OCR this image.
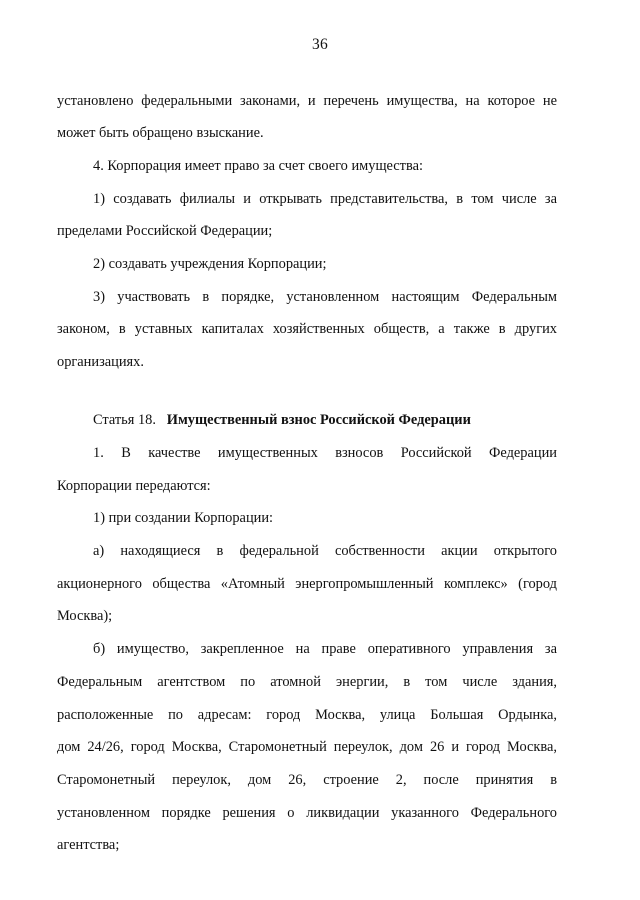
36
установлено федеральными законами, и перечень имущества, на которое не
может быть обращено взыскание.
4. Корпорация имеет право за счет своего имущества:
1) создавать филиалы и открывать представительства, в том числе за
пределами Российской Федерации;
2) создавать учреждения Корпорации;
3) участвовать в порядке, установленном настоящим Федеральным
законом, в уставных капиталах хозяйственных обществ, а также в других
организациях.
Статья 18. Имущественный взнос Российской Федерации
1. В качестве имущественных взносов Российской Федерации
Корпорации передаются:
1) при создании Корпорации:
а) находящиеся в федеральной собственности акции открытого
акционерного общества «Атомный энергопромышленный комплекс» (город
Москва);
б) имущество, закрепленное на праве оперативного управления за
Федеральным агентством по атомной энергии, в том числе здания,
расположенные по адресам: город Москва, улица Большая Ордынка,
дом 24/26, город Москва, Старомонетный переулок, дом 26 и город Москва,
Старомонетный переулок, дом 26, строение 2, после принятия в
установленном порядке решения о ликвидации указанного Федерального
агентства;
